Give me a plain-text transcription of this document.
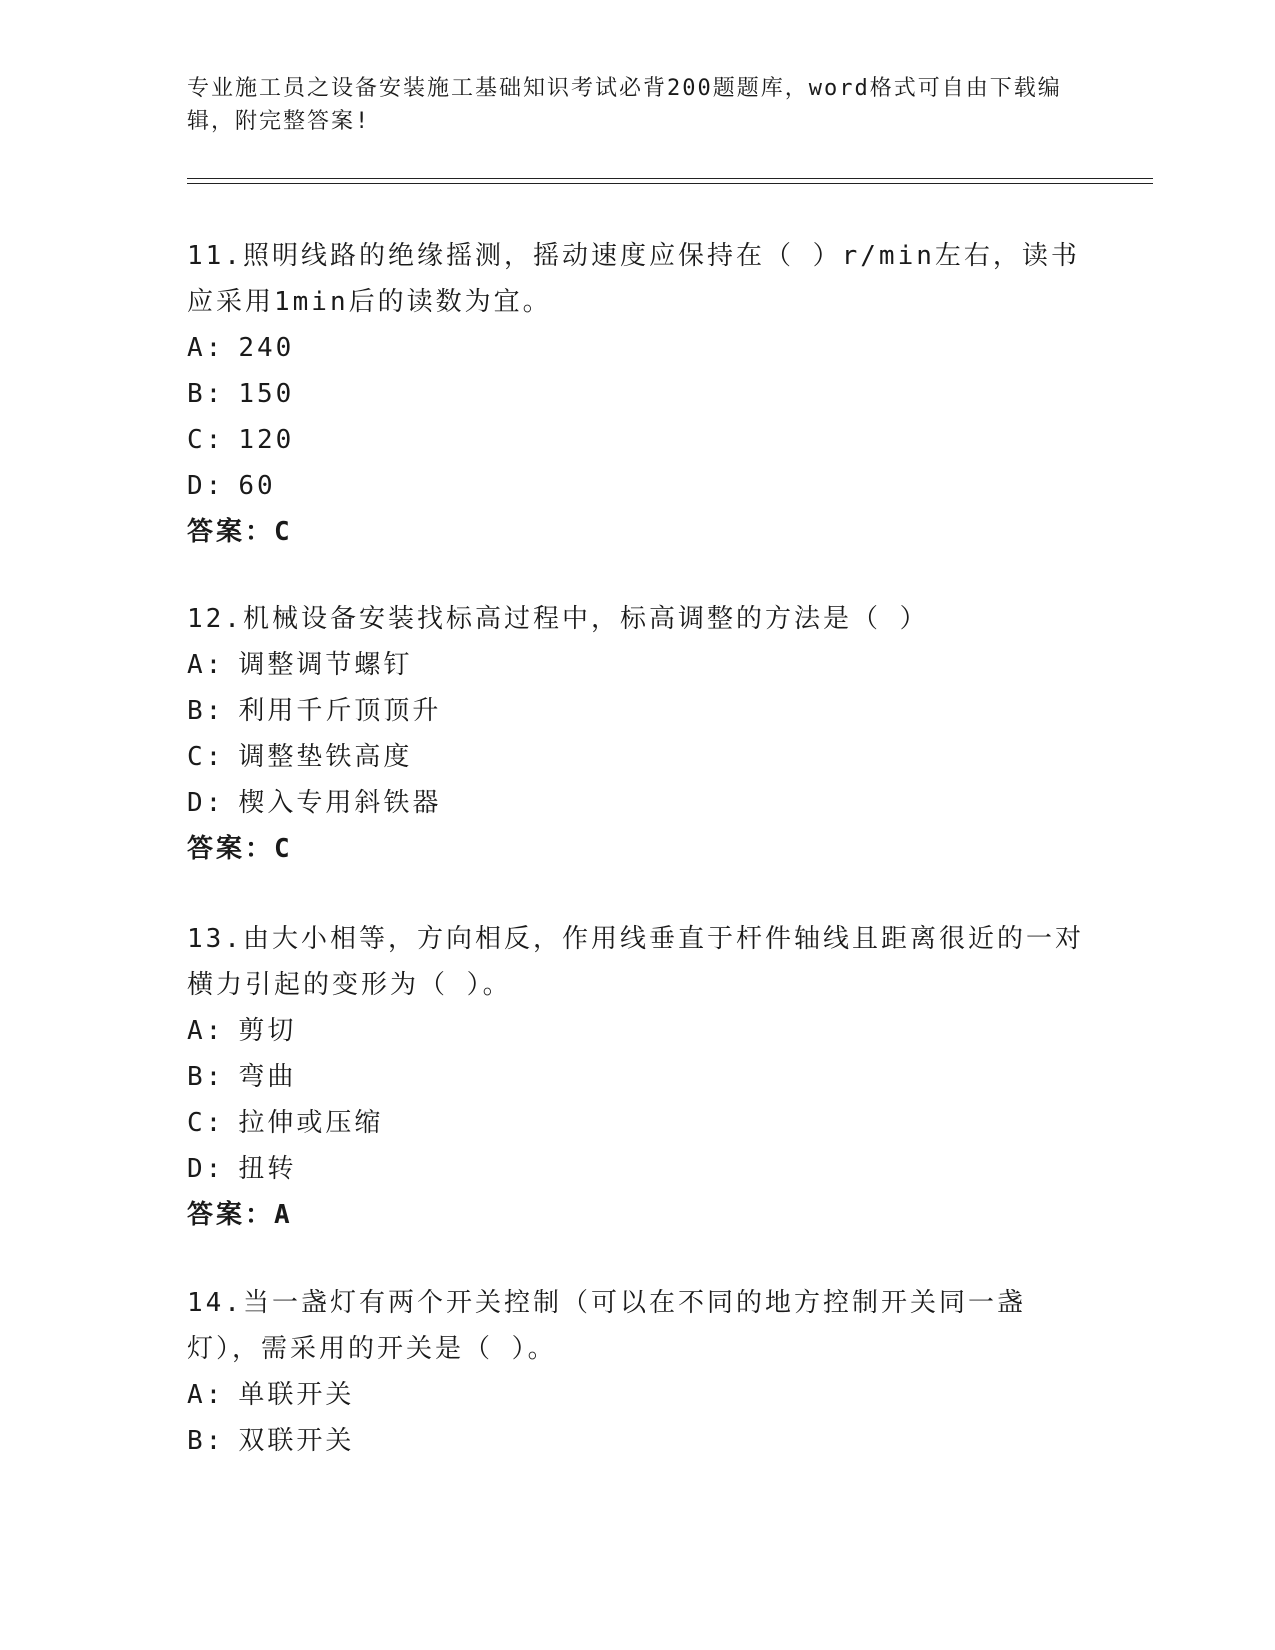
专业施工员之设备安装施工基础知识考试必背200题题库，word格式可自由下载编辑，附完整答案!

11.照明线路的绝缘摇测，摇动速度应保持在（ ）r/min左右，读书应采用1min后的读数为宜。

A: 240

B: 150

C: 120

D: 60

答案：C

12.机械设备安装找标高过程中，标高调整的方法是（ ）

A: 调整调节螺钉

B: 利用千斤顶顶升

C: 调整垫铁高度

D: 楔入专用斜铁器

答案：C

13.由大小相等，方向相反，作用线垂直于杆件轴线且距离很近的一对横力引起的变形为（ ）。

A: 剪切

B: 弯曲

C: 拉伸或压缩

D: 扭转

答案：A

14.当一盏灯有两个开关控制（可以在不同的地方控制开关同一盏灯），需采用的开关是（ ）。

A: 单联开关

B: 双联开关
